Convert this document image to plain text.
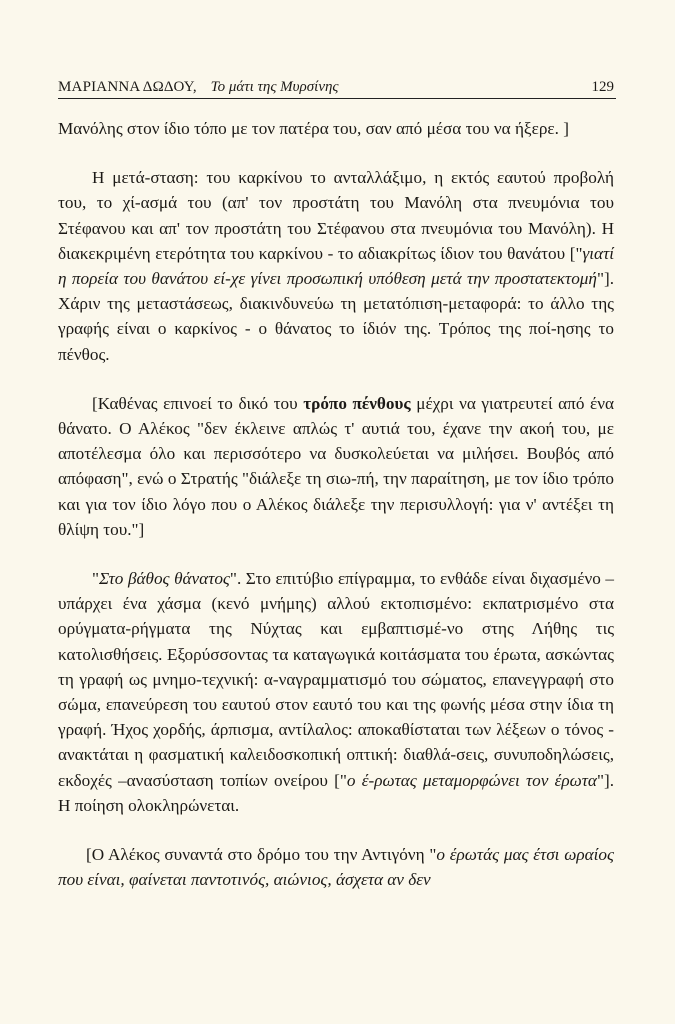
ΜΑΡΙΑΝΝΑ ΔΩΔΟΥ, Το μάτι της Μυρσίνης	129

Μανόλης στον ίδιο τόπο με τον πατέρα του, σαν από μέσα του να ήξερε. ]

Η μετά-σταση: του καρκίνου το ανταλλάξιμο, η εκτός εαυτού προβολή του, το χί-ασμά του (απ' τον προστάτη του Μανόλη στα πνευμόνια του Στέφανου και απ' τον προστάτη του Στέφανου στα πνευμόνια του Μανόλη). Η διακεκριμένη ετερότητα του καρκίνου - το αδιακρίτως ίδιον του θανάτου ["γιατί η πορεία του θανάτου εί-χε γίνει προσωπική υπόθεση μετά την προστατεκτομή"]. Χάριν της μεταστάσεως, διακινδυνεύω τη μετατόπιση-μεταφορά: το άλλο της γραφής είναι ο καρκίνος - ο θάνατος το ίδιόν της. Τρόπος της ποί-ησης το πένθος.

[Καθένας επινοεί το δικό του τρόπο πένθους μέχρι να γιατρευτεί από ένα θάνατο. Ο Αλέκος "δεν έκλεινε απλώς τ' αυτιά του, έχανε την ακοή του, με αποτέλεσμα όλο και περισσότερο να δυσκολεύεται να μιλήσει. Βουβός από απόφαση", ενώ ο Στρατής "διάλεξε τη σιω-πή, την παραίτηση, με τον ίδιο τρόπο και για τον ίδιο λόγο που ο Αλέκος διάλεξε την περισυλλογή: για ν' αντέξει τη θλίψη του."]

"Στο βάθος θάνατος". Στο επιτύβιο επίγραμμα, το ενθάδε είναι διχασμένο – υπάρχει ένα χάσμα (κενό μνήμης) αλλού εκτοπισμένο: εκπατρισμένο στα ορύγματα-ρήγματα της Νύχτας και εμβαπτισμέ-νο στης Λήθης τις κατολισθήσεις. Εξορύσσοντας τα καταγωγικά κοιτάσματα του έρωτα, ασκώντας τη γραφή ως μνημο-τεχνική: α-ναγραμματισμό του σώματος, επανεγγραφή στο σώμα, επανεύρεση του εαυτού στον εαυτό του και της φωνής μέσα στην ίδια τη γραφή. Ήχος χορδής, άρπισμα, αντίλαλος: αποκαθίσταται των λέξεων ο τόνος - ανακτάται η φασματική καλειδοσκοπική οπτική: διαθλά-σεις, συνυποδηλώσεις, εκδοχές –ανασύσταση τοπίων ονείρου ["ο έ-ρωτας μεταμορφώνει τον έρωτα"]. Η ποίηση ολοκληρώνεται.

[Ο Αλέκος συναντά στο δρόμο του την Αντιγόνη "ο έρωτάς μας έτσι ωραίος που είναι, φαίνεται παντοτινός, αιώνιος, άσχετα αν δεν
